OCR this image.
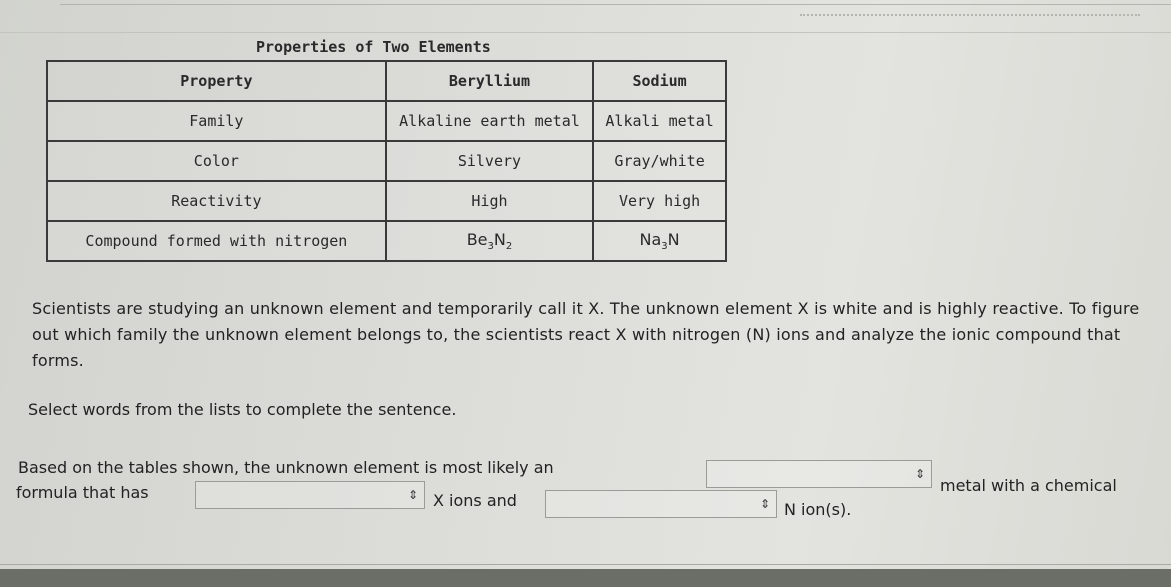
Properties of Two Elements
Property	Beryllium	Sodium
Family	Alkaline earth metal	Alkali metal
Color	Silvery	Gray/white
Reactivity	High	Very high
Compound formed with nitrogen	$Be_3N_2$	$Na_3N$
Scientists are studying an unknown element and temporarily call it X. The unknown element X is white and is highly reactive. To figure out which family the unknown element belongs to, the scientists react X with nitrogen (N) ions and analyze the ionic compound that forms.
Select words from the lists to complete the sentence.
Based on the tables shown, the unknown element is most likely an	⇕
metal with a chemical
formula that has	⇕ X ions and	⇕ N ion(s).
